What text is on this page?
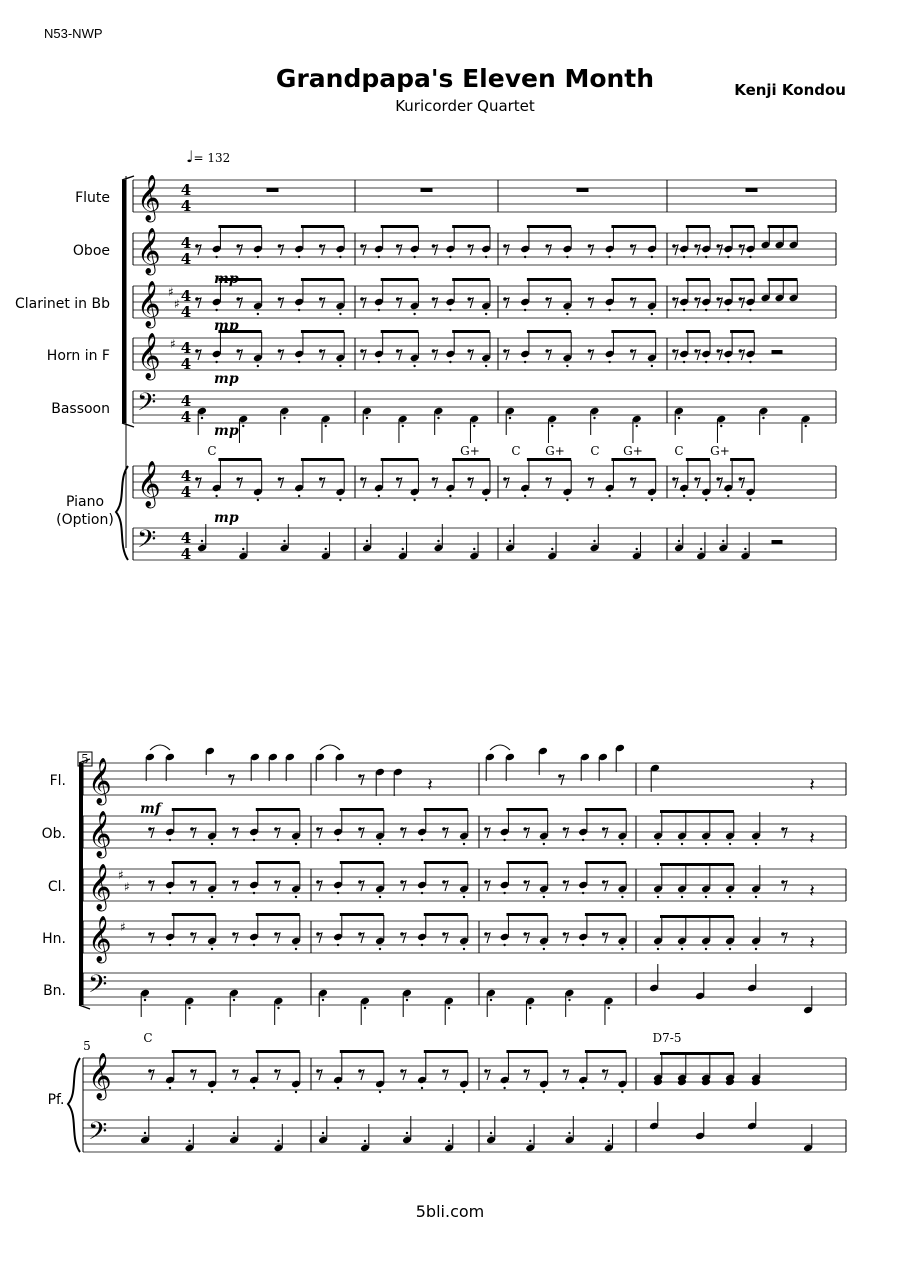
N53-NWP
Grandpapa's Eleven Month
Kuricorder Quartet
Kenji Kondou
♩= 132
5bli.com
Flute
Oboe
Clarinet in Bb
Horn in F
Bassoon
Piano
(Option)
𝄞 4
4
𝄞 4
4
𝄞 4
4
𝄞 4
4
𝄢 4
4
𝄞 4
4
𝄢 4
4
♯
♯
♯
mp
mp
mp
mp
mp
C	G+	C G+ C G+	C G+
5
Fl.
Ob.
Cl.
Hn.
Bn.
Pf.
5
𝄞
𝄞
𝄞
𝄞
𝄢
𝄞
𝄢
♯
♯
♯
𝄽	𝄽
𝄽
𝄽
𝄽
mf
C	D7-5
